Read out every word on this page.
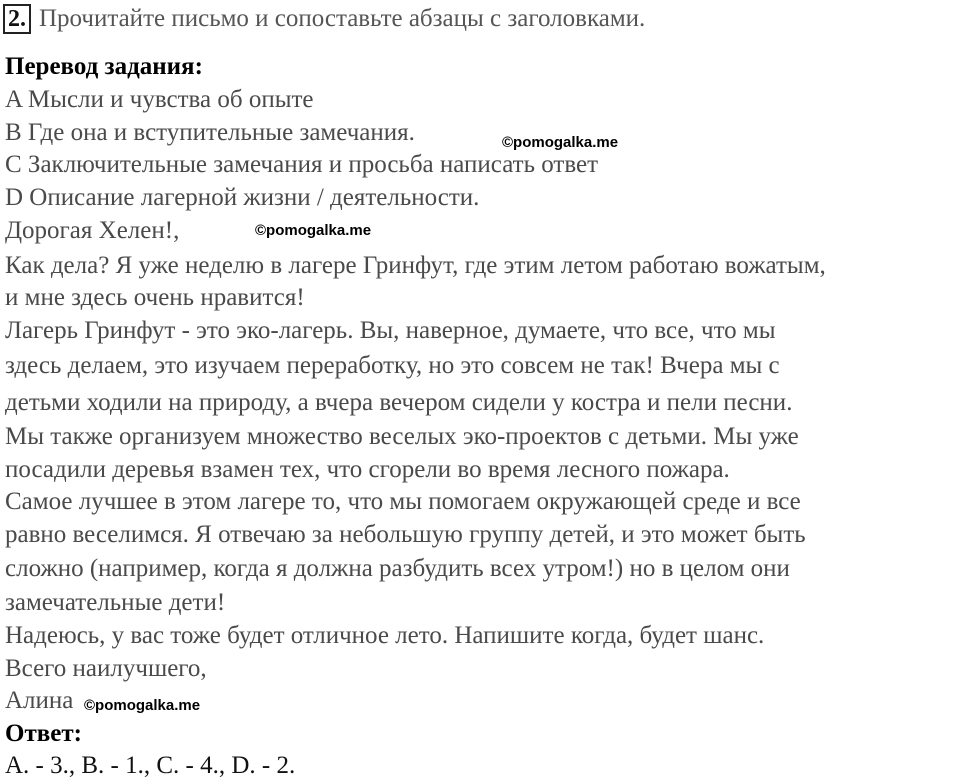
2. Прочитайте письмо и сопоставьте абзацы с заголовками.
Перевод задания:
A Мысли и чувства об опыте
B Где она и вступительные замечания.
C Заключительные замечания и просьба написать ответ
D Описание лагерной жизни / деятельности.
Дорогая Хелен!,
Как дела? Я уже неделю в лагере Гринфут, где этим летом работаю вожатым,
и мне здесь очень нравится!
Лагерь Гринфут - это эко-лагерь. Вы, наверное, думаете, что все, что мы
здесь делаем, это изучаем переработку, но это совсем не так! Вчера мы с
детьми ходили на природу, а вчера вечером сидели у костра и пели песни.
Мы также организуем множество веселых эко-проектов с детьми. Мы уже
посадили деревья взамен тех, что сгорели во время лесного пожара.
Самое лучшее в этом лагере то, что мы помогаем окружающей среде и все
равно веселимся. Я отвечаю за небольшую группу детей, и это может быть
сложно (например, когда я должна разбудить всех утром!) но в целом они
замечательные дети!
Надеюсь, у вас тоже будет отличное лето. Напишите когда, будет шанс.
Всего наилучшего,
Алина
Ответ:
A. - 3., B. - 1., C. - 4., D. - 2.
©pomogalka.me
©pomogalka.me
©pomogalka.me
